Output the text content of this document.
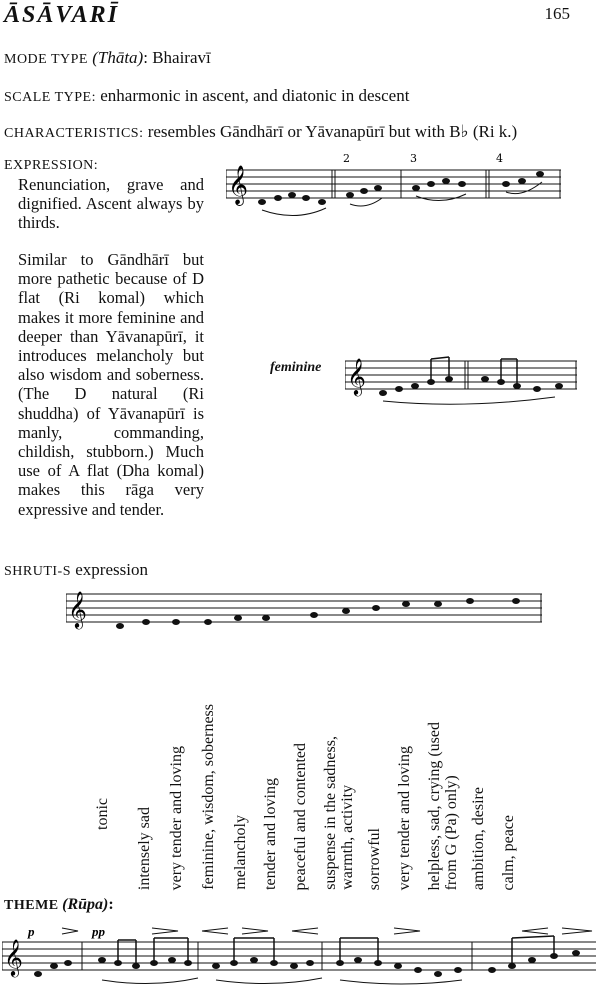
ĀSĀVARĪ	165
MODE TYPE (Thāta): Bhairavī
SCALE TYPE: enharmonic in ascent, and diatonic in descent
CHARACTERISTICS: resembles Gāndhārī or Yāvanapūrī but with B♭ (Ri k.)
EXPRESSION:
Renunciation, grave and dignified. Ascent always by thirds.
Similar to Gāndhārī but more pathetic because of D flat (Ri komal) which makes it more feminine and deeper than Yāvanapūrī, it introduces melancholy but also wisdom and soberness. (The D natural (Ri shuddha) of Yāvanapūrī is manly, commanding, childish, stubborn.) Much use of A flat (Dha komal) makes this rāga very expressive and tender.
𝄞
2	3	4
feminine 𝄞
SHRUTI-S expression
𝄞
tonic intensely sad very tender and loving feminine, wisdom, soberness melancholy tender and loving peaceful and contented suspense in the sadness,
warmth, activity
sorrowful very tender and loving helpless, sad, crying (used
from G (Pa) only) ambition, desire calm, peace
THEME (Rūpa):
𝄞
p	pp
